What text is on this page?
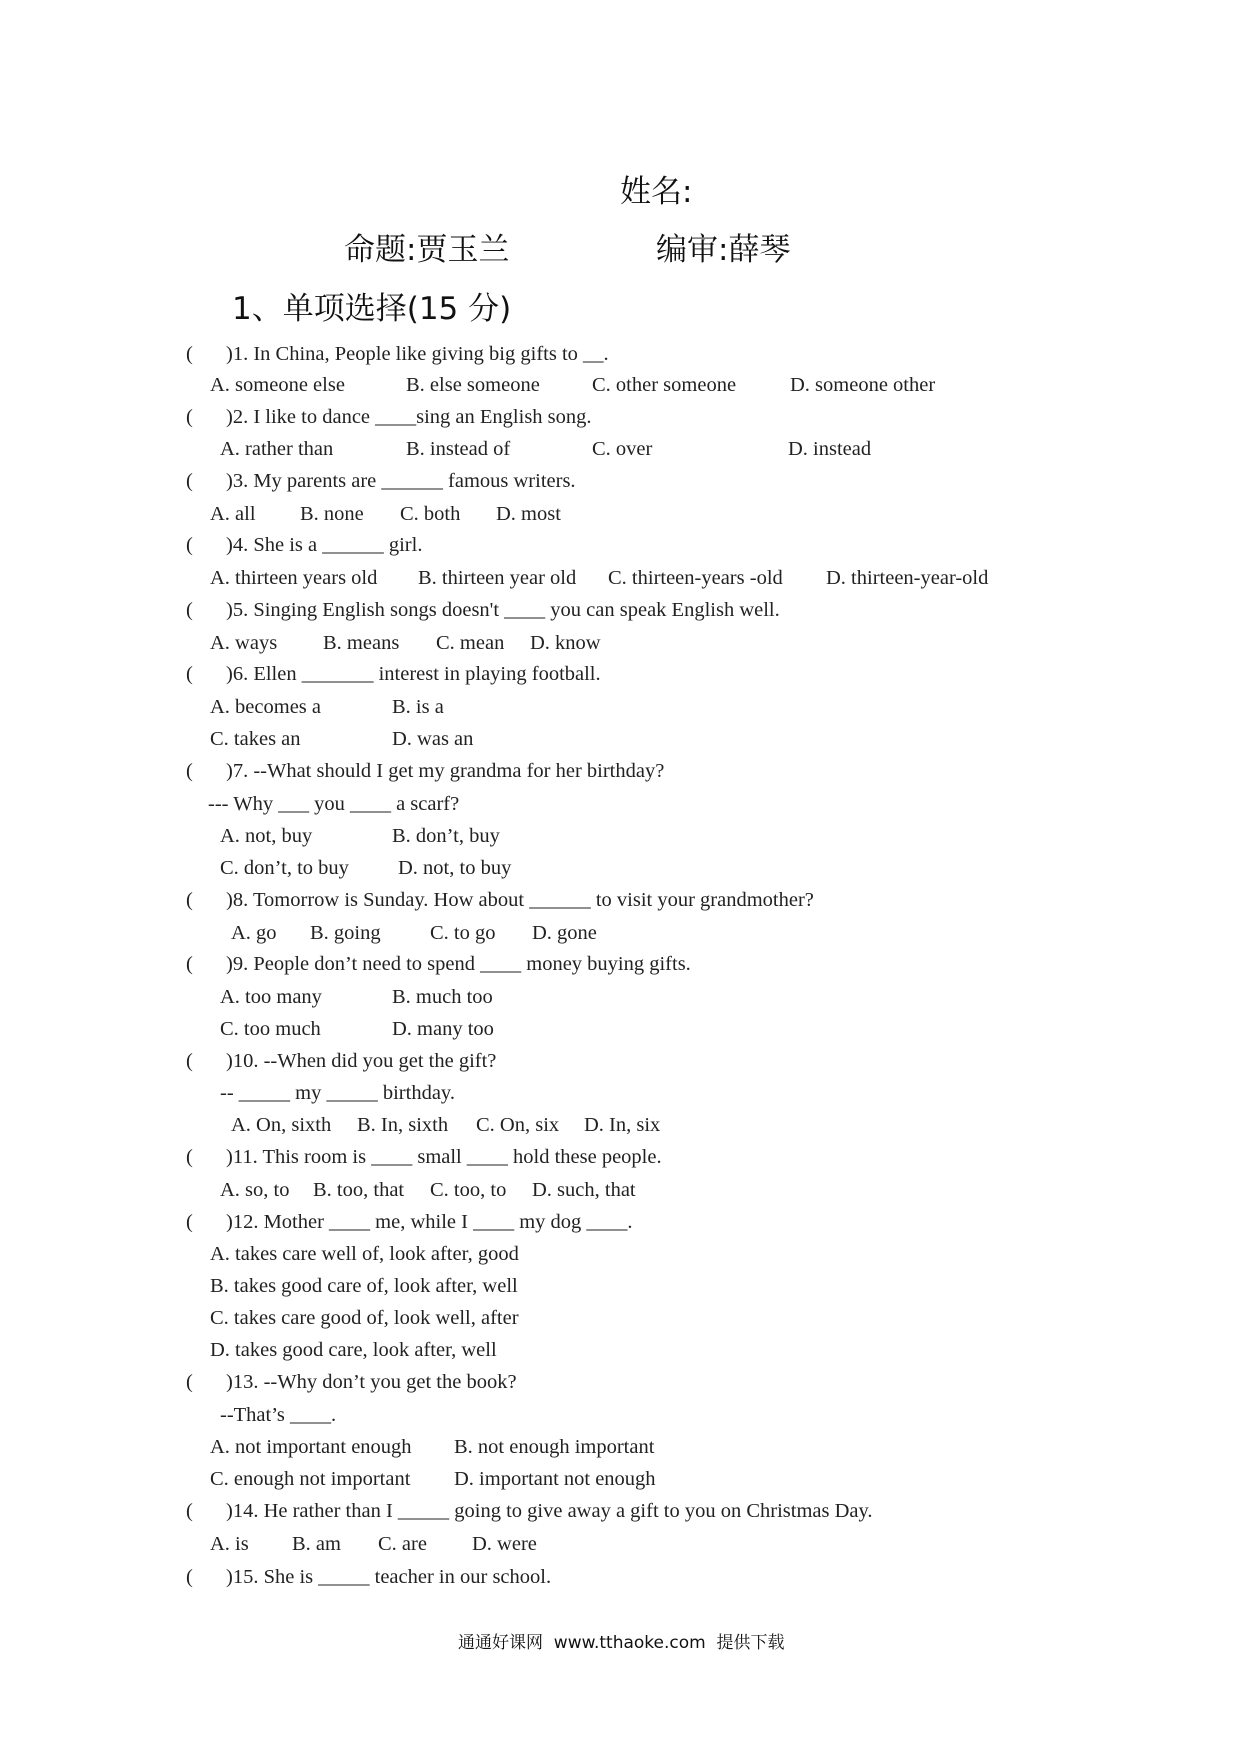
姓名:
命题:贾玉兰	编审:薛琴
1、单项选择(15 分)
( )1. In China, People like giving big gifts to __.
A. someone else	B. else someone	C. other someone	D. someone other
( )2. I like to dance ____sing an English song.
A. rather than	B. instead of	C. over	D. instead
( )3. My parents are ______ famous writers.
A. all B. none C. both D. most
( )4. She is a ______ girl.
A. thirteen years old B. thirteen year old C. thirteen-years -old D. thirteen-year-old
( )5. Singing English songs doesn't ____ you can speak English well.
A. ways B. means C. mean D. know
( )6. Ellen _______ interest in playing football.
A. becomes a	B. is a
C. takes an	D. was an
( )7. --What should I get my grandma for her birthday?
--- Why ___ you ____ a scarf?
A. not, buy	B. don’t, buy
C. don’t, to buy D. not, to buy
( )8. Tomorrow is Sunday. How about ______ to visit your grandmother?
A. go B. going C. to go D. gone
( )9. People don’t need to spend ____ money buying gifts.
A. too many	B. much too
C. too much	D. many too
( )10. --When did you get the gift?
-- _____ my _____ birthday.
A. On, sixth B. In, sixth C. On, six D. In, six
( )11. This room is ____ small ____ hold these people.
A. so, to B. too, that C. too, to D. such, that
( )12. Mother ____ me, while I ____ my dog ____.
A. takes care well of, look after, good
B. takes good care of, look after, well
C. takes care good of, look well, after
D. takes good care, look after, well
( )13. --Why don’t you get the book?
--That’s ____.
A. not important enough B. not enough important
C. enough not important D. important not enough
( )14. He rather than I _____ going to give away a gift to you on Christmas Day.
A. is B. am C. are D. were
( )15. She is _____ teacher in our school.
通通好课网  www.tthaoke.com  提供下载
